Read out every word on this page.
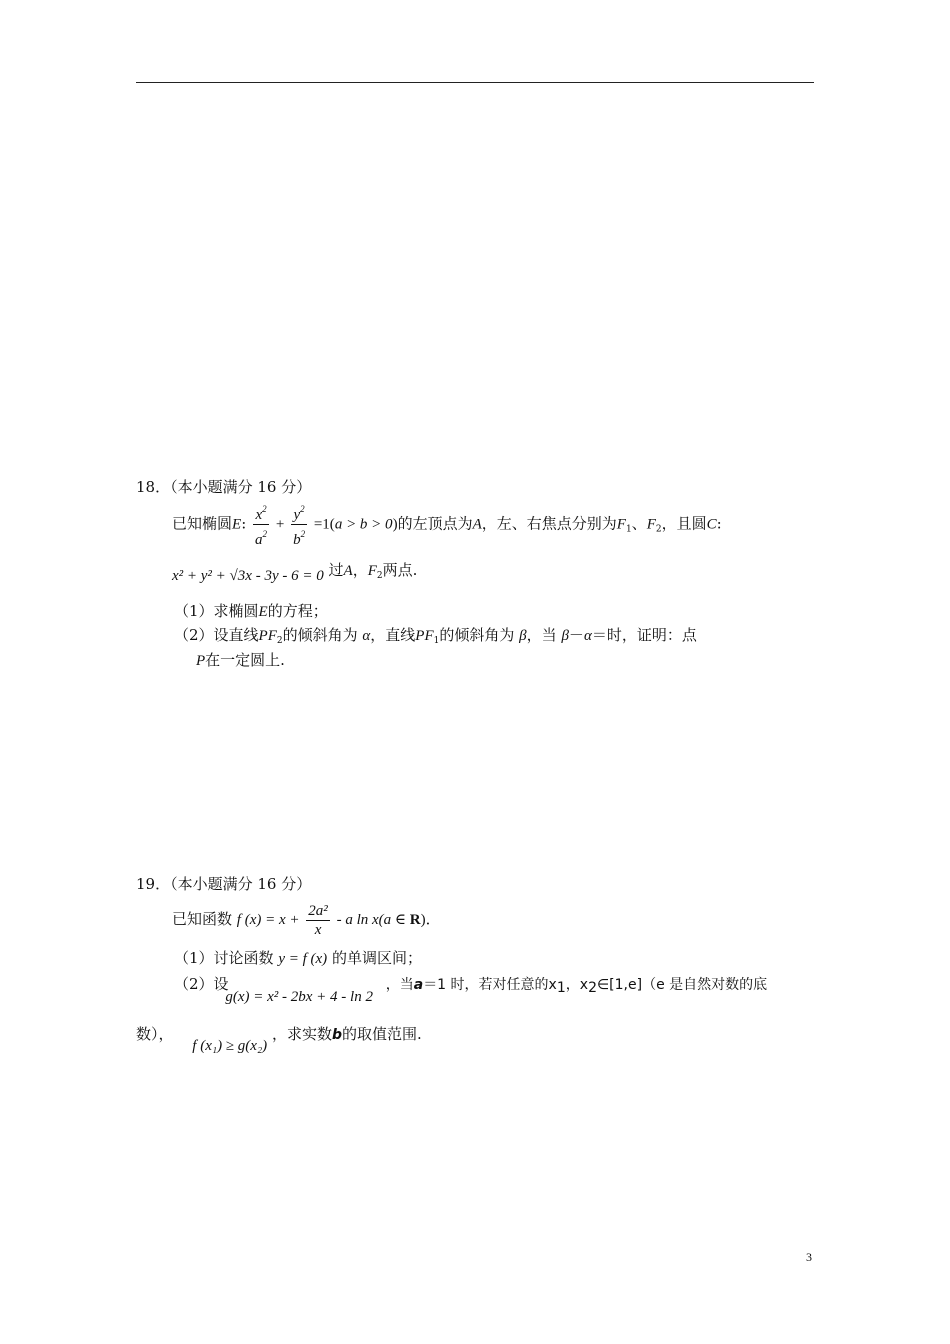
18．（本小题满分 16 分）
已知椭圆E: $\frac{x^2}{a^2} + \frac{y^2}{b^2} =1(a > b > 0)$的左顶点为A，左、右焦点分别为$F_1$、$F_2$，且圆C:
x² + y² + √3x - 3y - 6 = 0 过A，$F_2$两点.
（1）求椭圆E的方程；
（2）设直线$PF_2$的倾斜角为 α，直线$PF_1$的倾斜角为 β，当 β－α＝时，证明：点
P在一定圆上.
19．（本小题满分 16 分）
已知函数 f $(x) = x + \frac{\text{2a²}}{x} - a$ ln x(a ∈ R)．
（1）讨论函数 y = f (x) 的单调区间；
（2）设 g(x) = x² - 2bx + 4 - ln 2 ，当a＝1 时，若对任意的$x_1$，$x_2\in[1,e](e$ 是自然对数的底
数）， f (x₁) ≥ g(x₂) ，求实数b的取值范围.
3
